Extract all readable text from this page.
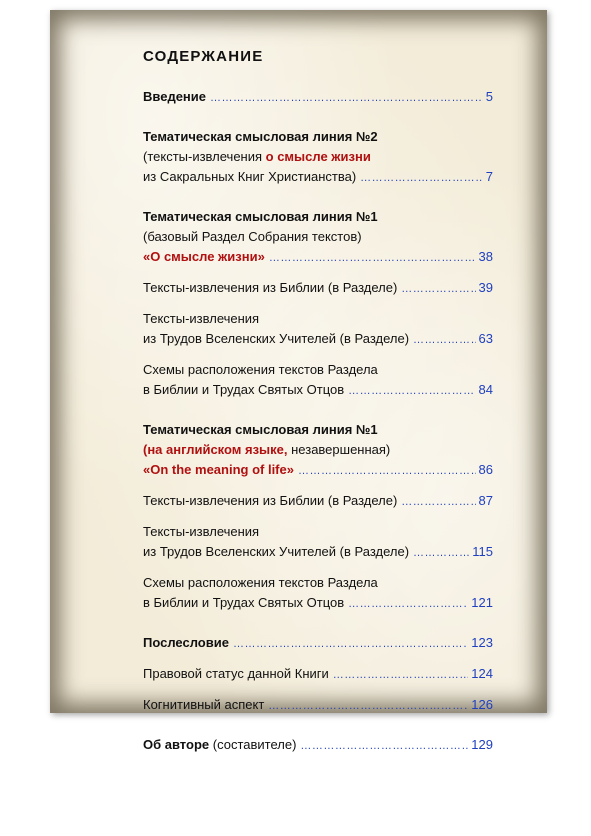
СОДЕРЖАНИЕ
Введение ……………………………………………………………………………………………………………	5
Тематическая смысловая линия №2
(тексты-извлечения о смысле жизни
из Сакральных Книг Христианства) ……………………………………………………………………………………………………………	7
Тематическая смысловая линия №1
(базовый Раздел Собрания текстов)
«О смысле жизни» ……………………………………………………………………………………………………………	38
Тексты-извлечения из Библии (в Разделе) ……………………………………………………………………………………………………………	39
Тексты-извлечения
из Трудов Вселенских Учителей (в Разделе) ……………………………………………………………………………………………………………	63
Схемы расположения текстов Раздела
в Библии и Трудах Святых Отцов ……………………………………………………………………………………………………………	84
Тематическая смысловая линия №1
(на английском языке, незавершенная)
«On the meaning of life» ……………………………………………………………………………………………………………	86
Тексты-извлечения из Библии (в Разделе) ……………………………………………………………………………………………………………	87
Тексты-извлечения
из Трудов Вселенских Учителей (в Разделе) ……………………………………………………………………………………………………………	115
Схемы расположения текстов Раздела
в Библии и Трудах Святых Отцов ……………………………………………………………………………………………………………	121
Послесловие ……………………………………………………………………………………………………………	123
Правовой статус данной Книги ……………………………………………………………………………………………………………	124
Когнитивный аспект ……………………………………………………………………………………………………………	126
Об авторе (составителе) ……………………………………………………………………………………………………………	129
